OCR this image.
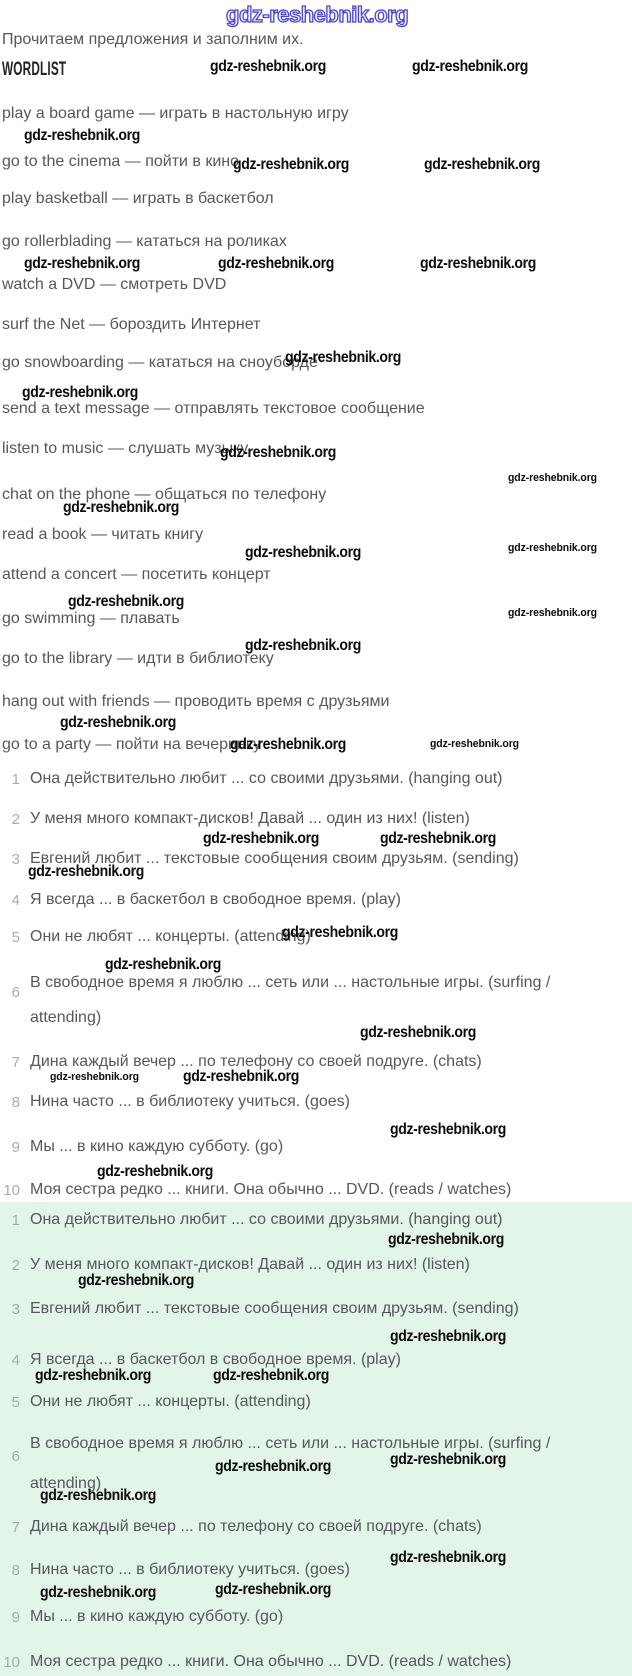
gdz-reshebnik.org
Прочитаем предложения и заполним их.
WORDLIST
play a board game — играть в настольную игру
go to the cinema — пойти в кино
play basketball — играть в баскетбол
go rollerblading — кататься на роликах
watch a DVD — смотреть DVD
surf the Net — бороздить Интернет
go snowboarding — кататься на сноуборде
send a text message — отправлять текстовое сообщение
listen to music — слушать музыку
chat on the phone — общаться по телефону
read a book — читать книгу
attend a concert — посетить концерт
go swimming — плавать
go to the library — идти в библиотеку
hang out with friends — проводить время с друзьями
go to a party — пойти на вечеринку
1 Она действительно любит ... со своими друзьями. (hanging out)
2 У меня много компакт-дисков! Давай ... один из них! (listen)
3 Евгений любит ... текстовые сообщения своим друзьям. (sending)
4 Я всегда ... в баскетбол в свободное время. (play)
5 Они не любят ... концерты. (attending)
6
В свободное время я люблю ... сеть или ... настольные игры. (surfing / attending)
7 Дина каждый вечер ... по телефону со своей подруге. (chats)
8 Нина часто ... в библиотеку учиться. (goes)
9 Мы ... в кино каждую субботу. (go)
10 Моя сестра редко ... книги. Она обычно ... DVD. (reads / watches)
1 Она действительно любит ... со своими друзьями. (hanging out)
2 У меня много компакт-дисков! Давай ... один из них! (listen)
3 Евгений любит ... текстовые сообщения своим друзьям. (sending)
4 Я всегда ... в баскетбол в свободное время. (play)
5 Они не любят ... концерты. (attending)
6
В свободное время я люблю ... сеть или ... настольные игры. (surfing / attending)
7 Дина каждый вечер ... по телефону со своей подруге. (chats)
8 Нина часто ... в библиотеку учиться. (goes)
9 Мы ... в кино каждую субботу. (go)
10 Моя сестра редко ... книги. Она обычно ... DVD. (reads / watches)
gdz-reshebnik.org	gdz-reshebnik.org
gdz-reshebnik.org
gdz-reshebnik.org	gdz-reshebnik.org
gdz-reshebnik.org	gdz-reshebnik.org	gdz-reshebnik.org
gdz-reshebnik.org
gdz-reshebnik.org
gdz-reshebnik.org
gdz-reshebnik.org
gdz-reshebnik.org
gdz-reshebnik.org
gdz-reshebnik.org
gdz-reshebnik.org
gdz-reshebnik.org
gdz-reshebnik.org	gdz-reshebnik.org
gdz-reshebnik.org
gdz-reshebnik.org
gdz-reshebnik.org
gdz-reshebnik.org
gdz-reshebnik.org
gdz-reshebnik.org
gdz-reshebnik.org
gdz-reshebnik.org
gdz-reshebnik.org
gdz-reshebnik.org
gdz-reshebnik.org	gdz-reshebnik.org
gdz-reshebnik.org
gdz-reshebnik.org
gdz-reshebnik.org
gdz-reshebnik.org
gdz-reshebnik.org	gdz-reshebnik.org
gdz-reshebnik.org
gdz-reshebnik.org
gdz-reshebnik.org
gdz-reshebnik.org
gdz-reshebnik.org
